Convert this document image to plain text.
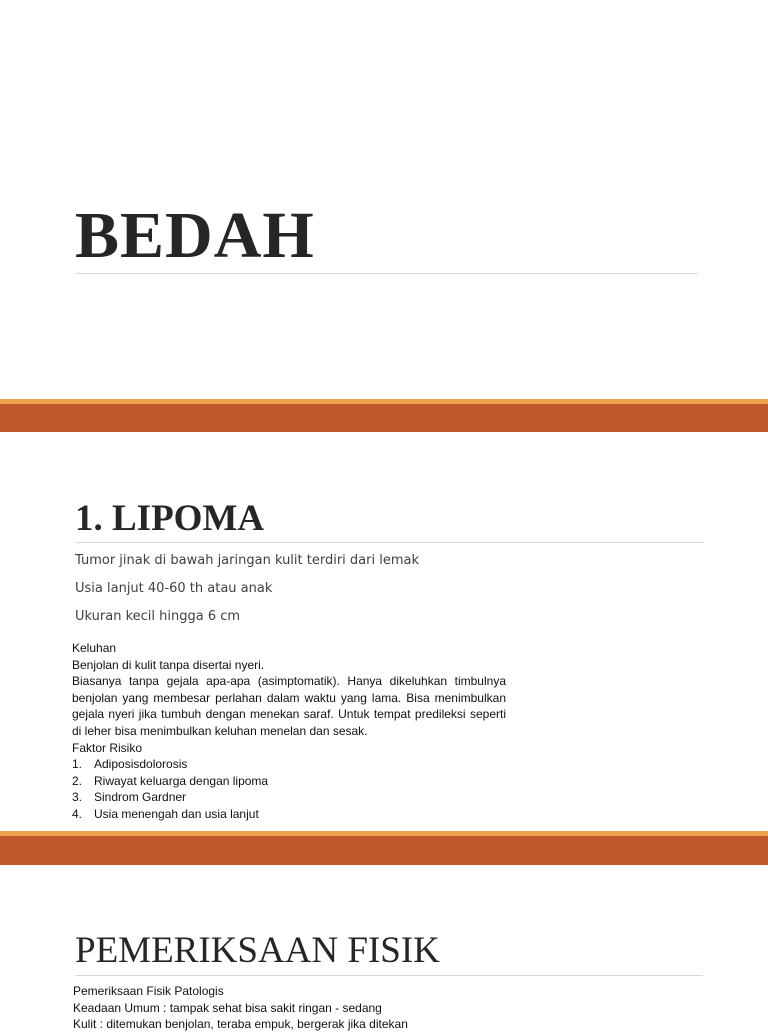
BEDAH
1. LIPOMA
Tumor jinak di bawah jaringan kulit terdiri dari lemak
Usia lanjut 40-60 th atau anak
Ukuran kecil hingga 6 cm

Keluhan

Benjolan di kulit tanpa disertai nyeri.

Biasanya tanpa gejala apa-apa (asimptomatik). Hanya dikeluhkan timbulnya benjolan yang membesar perlahan dalam waktu yang lama. Bisa menimbulkan gejala nyeri jika tumbuh dengan menekan saraf. Untuk tempat predileksi seperti di leher bisa menimbulkan keluhan menelan dan sesak.

Faktor Risiko

1. Adiposisdolorosis
2. Riwayat keluarga dengan lipoma
3. Sindrom Gardner
4. Usia menengah dan usia lanjut
PEMERIKSAAN FISIK

Pemeriksaan Fisik Patologis

Keadaan Umum : tampak sehat bisa sakit ringan - sedang

Kulit : ditemukan benjolan, teraba empuk, bergerak jika ditekan
